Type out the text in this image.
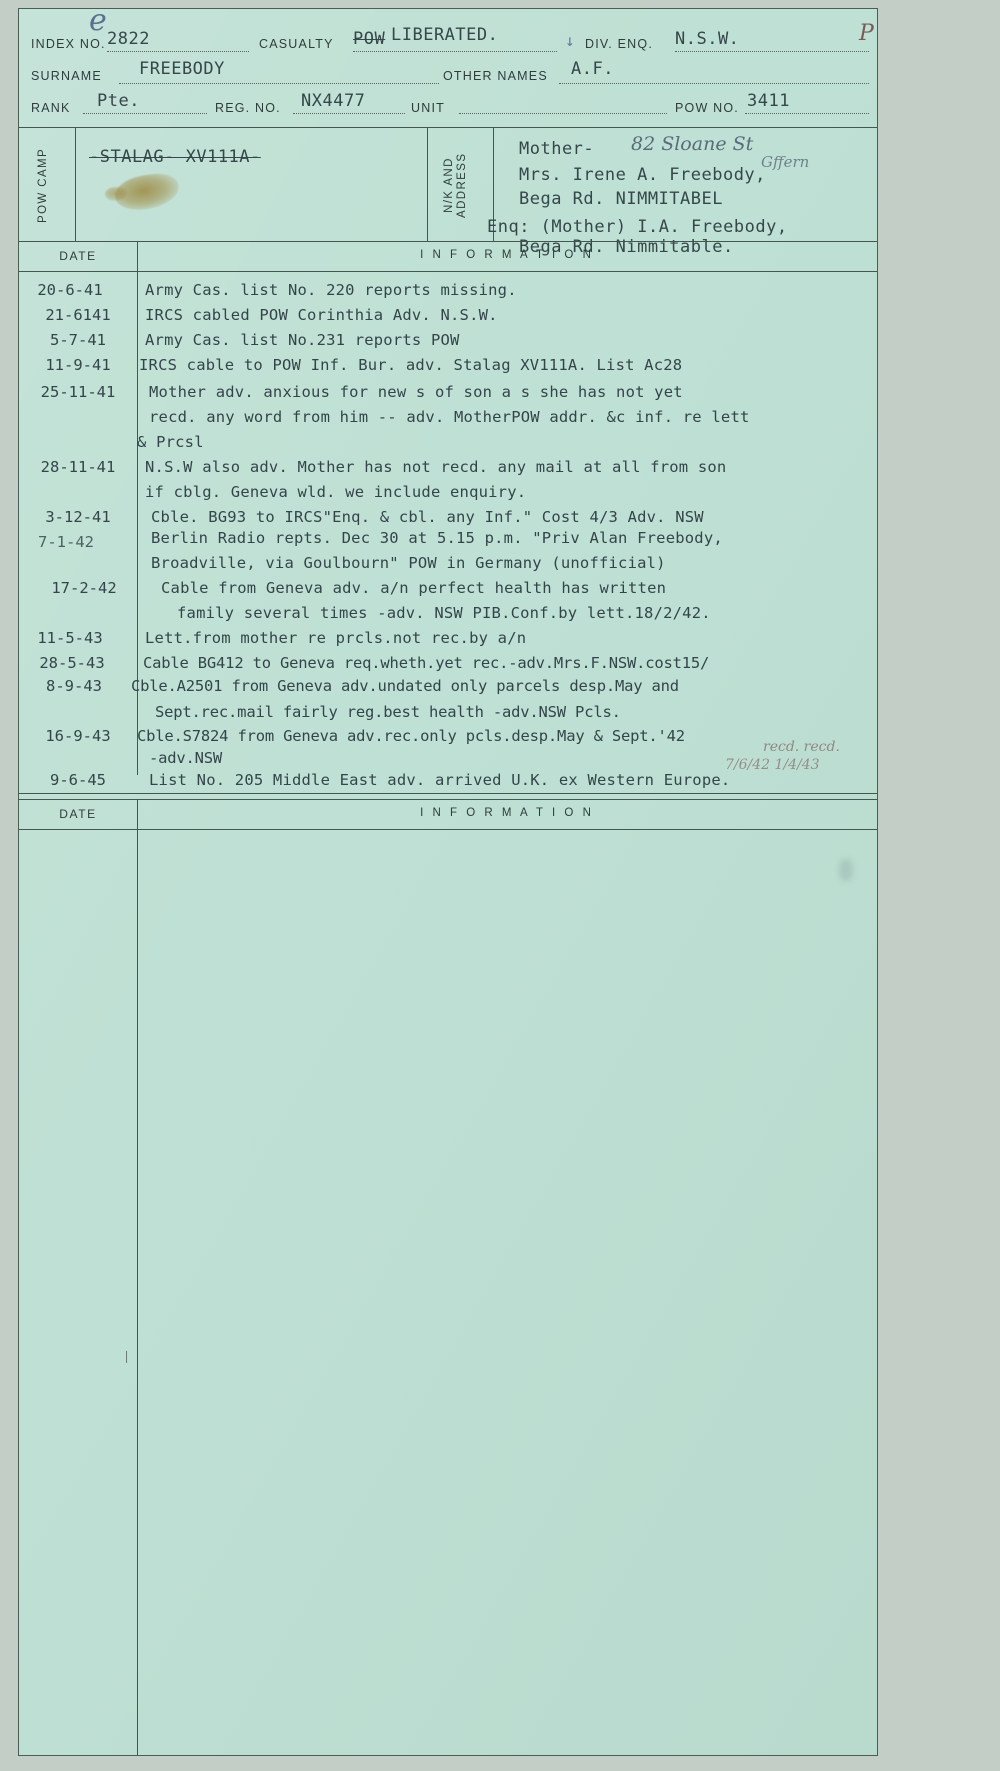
e
INDEX NO. 2822	CASUALTY POW LIBERATED.	↓ DIV. ENQ. N.S.W.	P
SURNAME FREEBODY	OTHER NAMES A.F.
RANK Pte.	REG. NO. NX4477	UNIT	POW NO. 3411
POW CAMP -STALAG- XV111A-
N/K AND ADDRESS
Mother- 82 Sloane St
Gffern
Mrs. Irene A. Freebody,
Bega Rd. NIMMITABEL
Enq: (Mother) I.A. Freebody,
Bega Rd. Nimmitable.
DATE	I N F O R M A T I O N
20-6-41	Army Cas. list No. 220 reports missing.
21-6141	IRCS cabled POW Corinthia Adv. N.S.W.
5-7-41	Army Cas. list No.231 reports POW
11-9-41	IRCS cable to POW Inf. Bur. adv. Stalag XV111A. List Ac28
25-11-41	Mother adv. anxious for new s of son a s she has not yet
recd. any word from him -- adv. MotherPOW addr. &c inf. re lett
& Prcsl
28-11-41	N.S.W also adv. Mother has not recd. any mail at all from son
if cblg. Geneva wld. we include enquiry.
3-12-41	Cble. BG93 to IRCS"Enq. & cbl. any Inf." Cost 4/3 Adv. NSW
7-1-42	Berlin Radio repts. Dec 30 at 5.15 p.m. "Priv Alan Freebody,
Broadville, via Goulbourn" POW in Germany (unofficial)
17-2-42	Cable from Geneva adv. a/n perfect health has written
family several times -adv. NSW PIB.Conf.by lett.18/2/42.
11-5-43	Lett.from mother re prcls.not rec.by a/n
28-5-43	Cable BG412 to Geneva req.wheth.yet rec.-adv.Mrs.F.NSW.cost15/
8-9-43	Cble.A2501 from Geneva adv.undated only parcels desp.May and
Sept.rec.mail fairly reg.best health -adv.NSW Pcls.
16-9-43	Cble.S7824 from Geneva adv.rec.only pcls.desp.May & Sept.'42
-adv.NSW
9-6-45	List No. 205 Middle East adv. arrived U.K. ex Western Europe.
recd. recd.
7/6/42 1/4/43
DATE	I N F O R M A T I O N
∣
